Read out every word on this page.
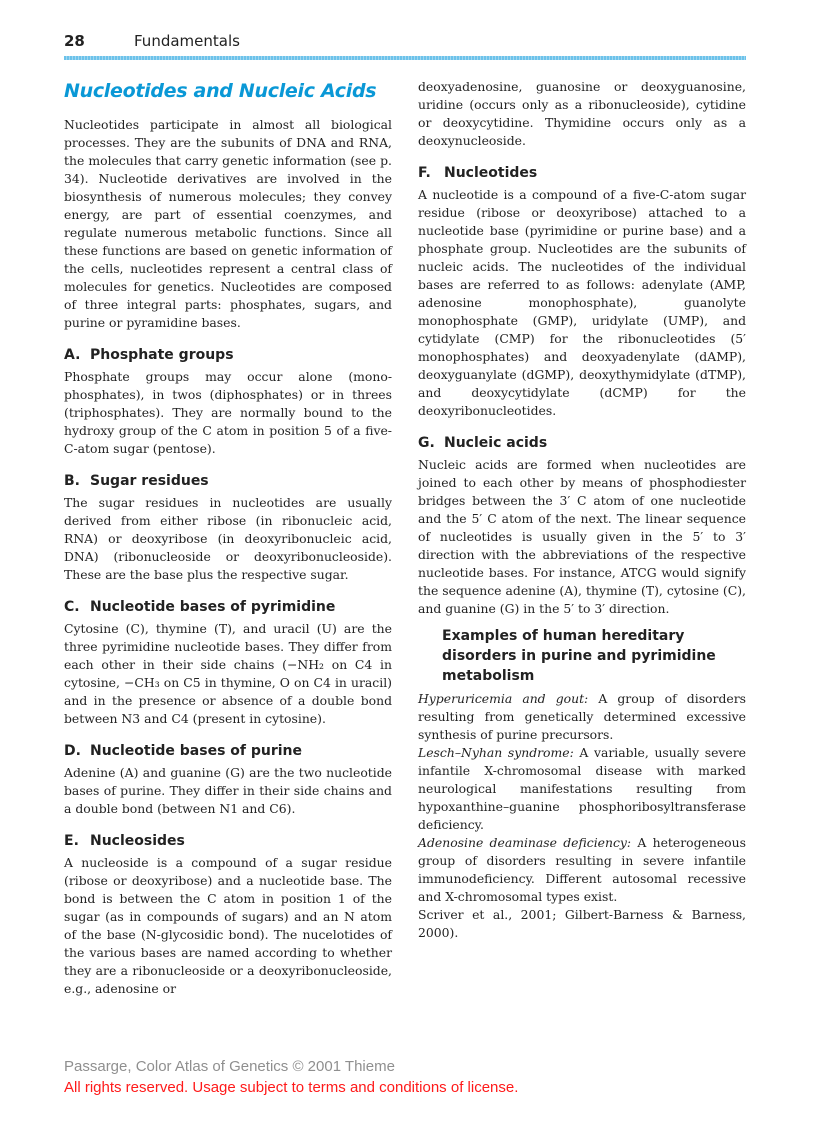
28	Fundamentals
Nucleotides and Nucleic Acids

Nucleotides participate in almost all biological processes. They are the subunits of DNA and RNA, the molecules that carry genetic information (see p. 34). Nucleotide derivatives are involved in the biosynthesis of numerous molecules; they convey energy, are part of essential coenzymes, and regulate numerous metabolic functions. Since all these functions are based on genetic information of the cells, nucleotides represent a central class of molecules for genetics. Nucleotides are composed of three integral parts: phosphates, sugars, and purine or pyramidine bases.

A. Phosphate groups

Phosphate groups may occur alone (monophosphates), in twos (diphosphates) or in threes (triphosphates). They are normally bound to the hydroxy group of the C atom in position 5 of a five-C-atom sugar (pentose).

B. Sugar residues

The sugar residues in nucleotides are usually derived from either ribose (in ribonucleic acid, RNA) or deoxyribose (in deoxyribonucleic acid, DNA) (ribonucleoside or deoxyribonucleoside). These are the base plus the respective sugar.

C. Nucleotide bases of pyrimidine

Cytosine (C), thymine (T), and uracil (U) are the three pyrimidine nucleotide bases. They differ from each other in their side chains (−NH₂ on C4 in cytosine, −CH₃ on C5 in thymine, O on C4 in uracil) and in the presence or absence of a double bond between N3 and C4 (present in cytosine).

D. Nucleotide bases of purine

Adenine (A) and guanine (G) are the two nucleotide bases of purine. They differ in their side chains and a double bond (between N1 and C6).

E. Nucleosides

A nucleoside is a compound of a sugar residue (ribose or deoxyribose) and a nucleotide base. The bond is between the C atom in position 1 of the sugar (as in compounds of sugars) and an N atom of the base (N-glycosidic bond). The nucelotides of the various bases are named according to whether they are a ribonucleoside or a deoxyribonucleoside, e.g., adenosine or

deoxyadenosine, guanosine or deoxyguanosine, uridine (occurs only as a ribonucleoside), cytidine or deoxycytidine. Thymidine occurs only as a deoxynucleoside.

F. Nucleotides

A nucleotide is a compound of a five-C-atom sugar residue (ribose or deoxyribose) attached to a nucleotide base (pyrimidine or purine base) and a phosphate group. Nucleotides are the subunits of nucleic acids. The nucleotides of the individual bases are referred to as follows: adenylate (AMP, adenosine monophosphate), guanolyte monophosphate (GMP), uridylate (UMP), and cytidylate (CMP) for the ribonucleotides (5′ monophosphates) and deoxyadenylate (dAMP), deoxyguanylate (dGMP), deoxythymidylate (dTMP), and deoxycytidylate (dCMP) for the deoxyribonucleotides.

G. Nucleic acids

Nucleic acids are formed when nucleotides are joined to each other by means of phosphodiester bridges between the 3′ C atom of one nucleotide and the 5′ C atom of the next. The linear sequence of nucleotides is usually given in the 5′ to 3′ direction with the abbreviations of the respective nucleotide bases. For instance, ATCG would signify the sequence adenine (A), thymine (T), cytosine (C), and guanine (G) in the 5′ to 3′ direction.

Examples of human hereditary disorders in purine and pyrimidine metabolism

Hyperuricemia and gout: A group of disorders resulting from genetically determined excessive synthesis of purine precursors.

Lesch–Nyhan syndrome: A variable, usually severe infantile X-chromosomal disease with marked neurological manifestations resulting from hypoxanthine–guanine phosphoribosyltransferase deficiency.

Adenosine deaminase deficiency: A heterogeneous group of disorders resulting in severe infantile immunodeficiency. Different autosomal recessive and X-chromosomal types exist.

Scriver et al., 2001; Gilbert-Barness & Barness, 2000).

Passarge, Color Atlas of Genetics © 2001 Thieme
All rights reserved. Usage subject to terms and conditions of license.
